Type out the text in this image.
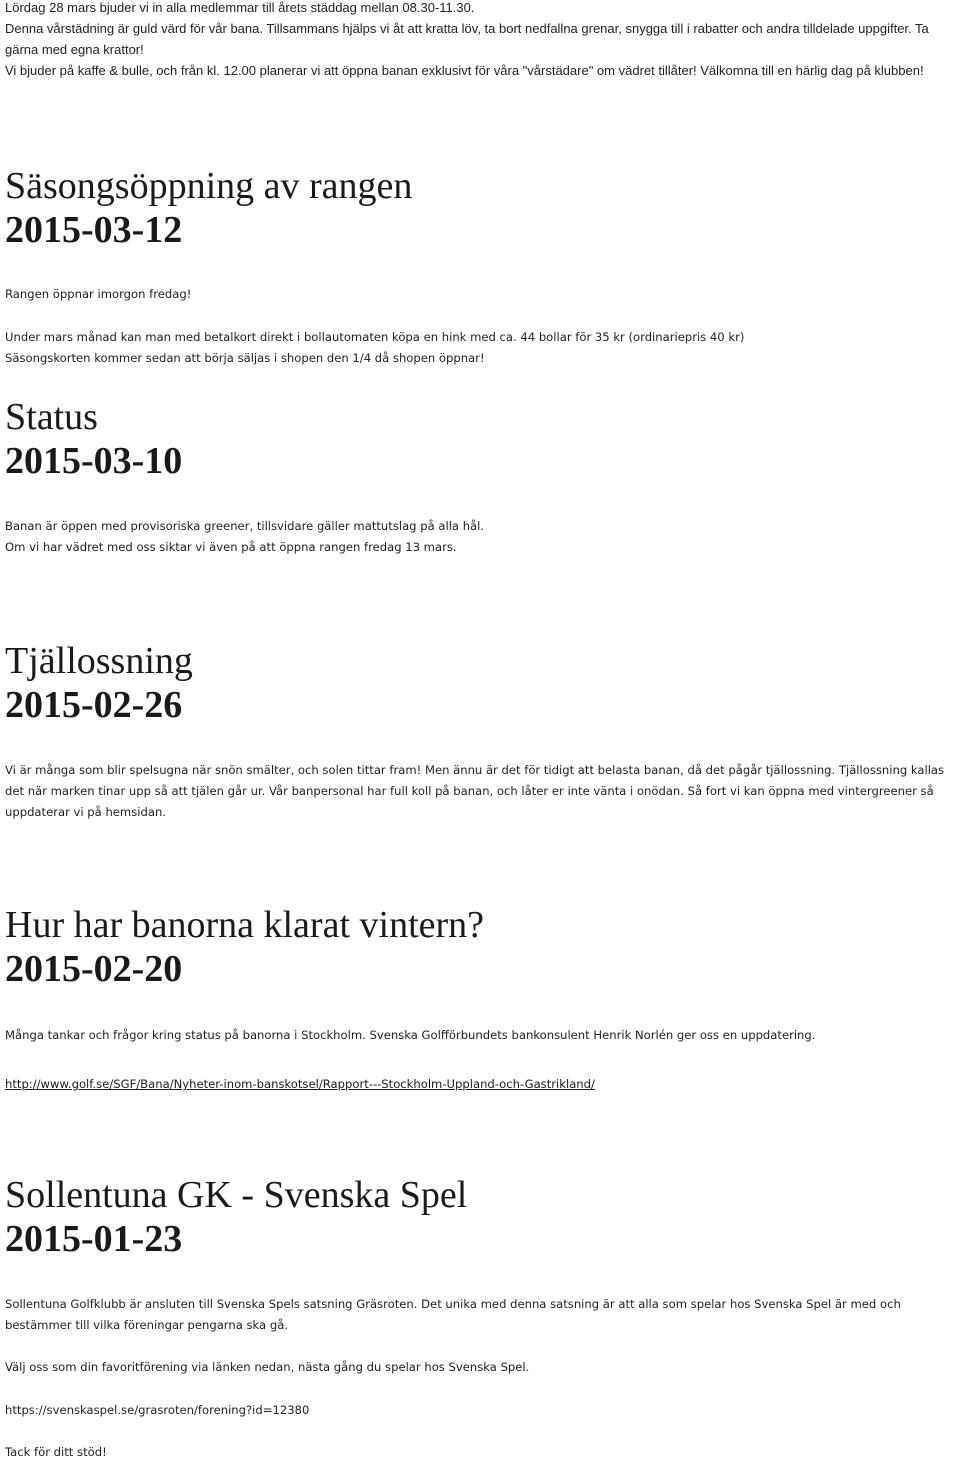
Lördag 28 mars bjuder vi in alla medlemmar till årets städdag mellan 08.30-11.30.

Denna vårstädning är guld värd för vår bana. Tillsammans hjälps vi åt att kratta löv, ta bort nedfallna grenar, snygga till i rabatter och andra tilldelade uppgifter. Ta gärna med egna krattor!

Vi bjuder på kaffe & bulle, och från kl. 12.00 planerar vi att öppna banan exklusivt för våra "vårstädare" om vädret tillåter! Välkomna till en härlig dag på klubben!

Säsongsöppning av rangen
2015-03-12

Rangen öppnar imorgon fredag!

Under mars månad kan man med betalkort direkt i bollautomaten köpa en hink med ca. 44 bollar för 35 kr (ordinariepris 40 kr)

Säsongskorten kommer sedan att börja säljas i shopen den 1/4 då shopen öppnar!

Status
2015-03-10

Banan är öppen med provisoriska greener, tillsvidare gäller mattutslag på alla hål.

Om vi har vädret med oss siktar vi även på att öppna rangen fredag 13 mars.

Tjällossning
2015-02-26

Vi är många som blir spelsugna när snön smälter, och solen tittar fram! Men ännu är det för tidigt att belasta banan, då det pågår tjällossning. Tjällossning kallas det när marken tinar upp så att tjälen går ur. Vår banpersonal har full koll på banan, och låter er inte vänta i onödan. Så fort vi kan öppna med vintergreener så uppdaterar vi på hemsidan.

Hur har banorna klarat vintern?
2015-02-20

Många tankar och frågor kring status på banorna i Stockholm. Svenska Golfförbundets bankonsulent Henrik Norlén ger oss en uppdatering.

http://www.golf.se/SGF/Bana/Nyheter-inom-banskotsel/Rapport---Stockholm-Uppland-och-Gastrikland/

Sollentuna GK - Svenska Spel
2015-01-23

Sollentuna Golfklubb är ansluten till Svenska Spels satsning Gräsroten. Det unika med denna satsning är att alla som spelar hos Svenska Spel är med och bestämmer till vilka föreningar pengarna ska gå.

Välj oss som din favoritförening via länken nedan, nästa gång du spelar hos Svenska Spel.

https://svenskaspel.se/grasroten/forening?id=12380

Tack för ditt stöd!
